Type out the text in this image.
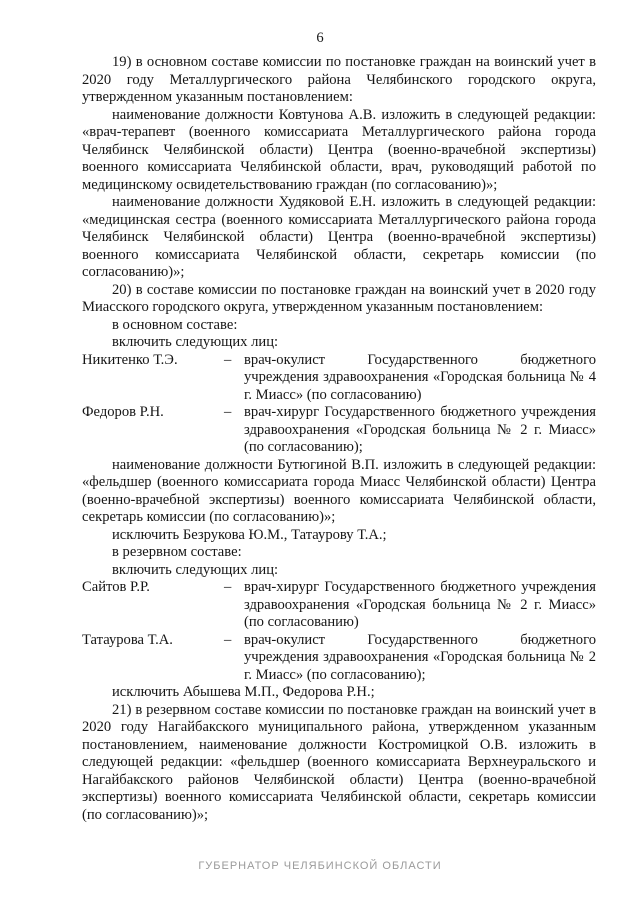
6

19) в основном составе комиссии по постановке граждан на воинский учет в 2020 году Металлургического района Челябинского городского округа, утвержденном указанным постановлением:

наименование должности Ковтунова А.В. изложить в следующей редакции: «врач-терапевт (военного комиссариата Металлургического района города Челябинск Челябинской области) Центра (военно-врачебной экспертизы) военного комиссариата Челябинской области, врач, руководящий работой по медицинскому освидетельствованию граждан (по согласованию)»;

наименование должности Худяковой Е.Н. изложить в следующей редакции: «медицинская сестра (военного комиссариата Металлургического района города Челябинск Челябинской области) Центра (военно-врачебной экспертизы) военного комиссариата Челябинской области, секретарь комиссии (по согласованию)»;

20) в составе комиссии по постановке граждан на воинский учет в 2020 году Миасского городского округа, утвержденном указанным постановлением:

в основном составе:

включить следующих лиц:

Никитенко Т.Э.	– врач-окулист Государственного бюджетного учреждения здравоохранения «Городская больница № 4 г. Миасс» (по согласованию)
Федоров Р.Н.	– врач-хирург Государственного бюджетного учреждения здравоохранения «Городская больница № 2 г. Миасс» (по согласованию);

наименование должности Бутюгиной В.П. изложить в следующей редакции: «фельдшер (военного комиссариата города Миасс Челябинской области) Центра (военно-врачебной экспертизы) военного комиссариата Челябинской области, секретарь комиссии (по согласованию)»;

исключить Безрукова Ю.М., Татаурову Т.А.;

в резервном составе:

включить следующих лиц:

Сайтов Р.Р.	– врач-хирург Государственного бюджетного учреждения здравоохранения «Городская больница № 2 г. Миасс» (по согласованию)
Татаурова Т.А.	– врач-окулист Государственного бюджетного учреждения здравоохранения «Городская больница № 2 г. Миасс» (по согласованию);

исключить Абышева М.П., Федорова Р.Н.;

21) в резервном составе комиссии по постановке граждан на воинский учет в 2020 году Нагайбакского муниципального района, утвержденном указанным постановлением, наименование должности Костромицкой О.В. изложить в следующей редакции: «фельдшер (военного комиссариата Верхнеуральского и Нагайбакского районов Челябинской области) Центра (военно-врачебной экспертизы) военного комиссариата Челябинской области, секретарь комиссии (по согласованию)»;

ГУБЕРНАТОР ЧЕЛЯБИНСКОЙ ОБЛАСТИ
